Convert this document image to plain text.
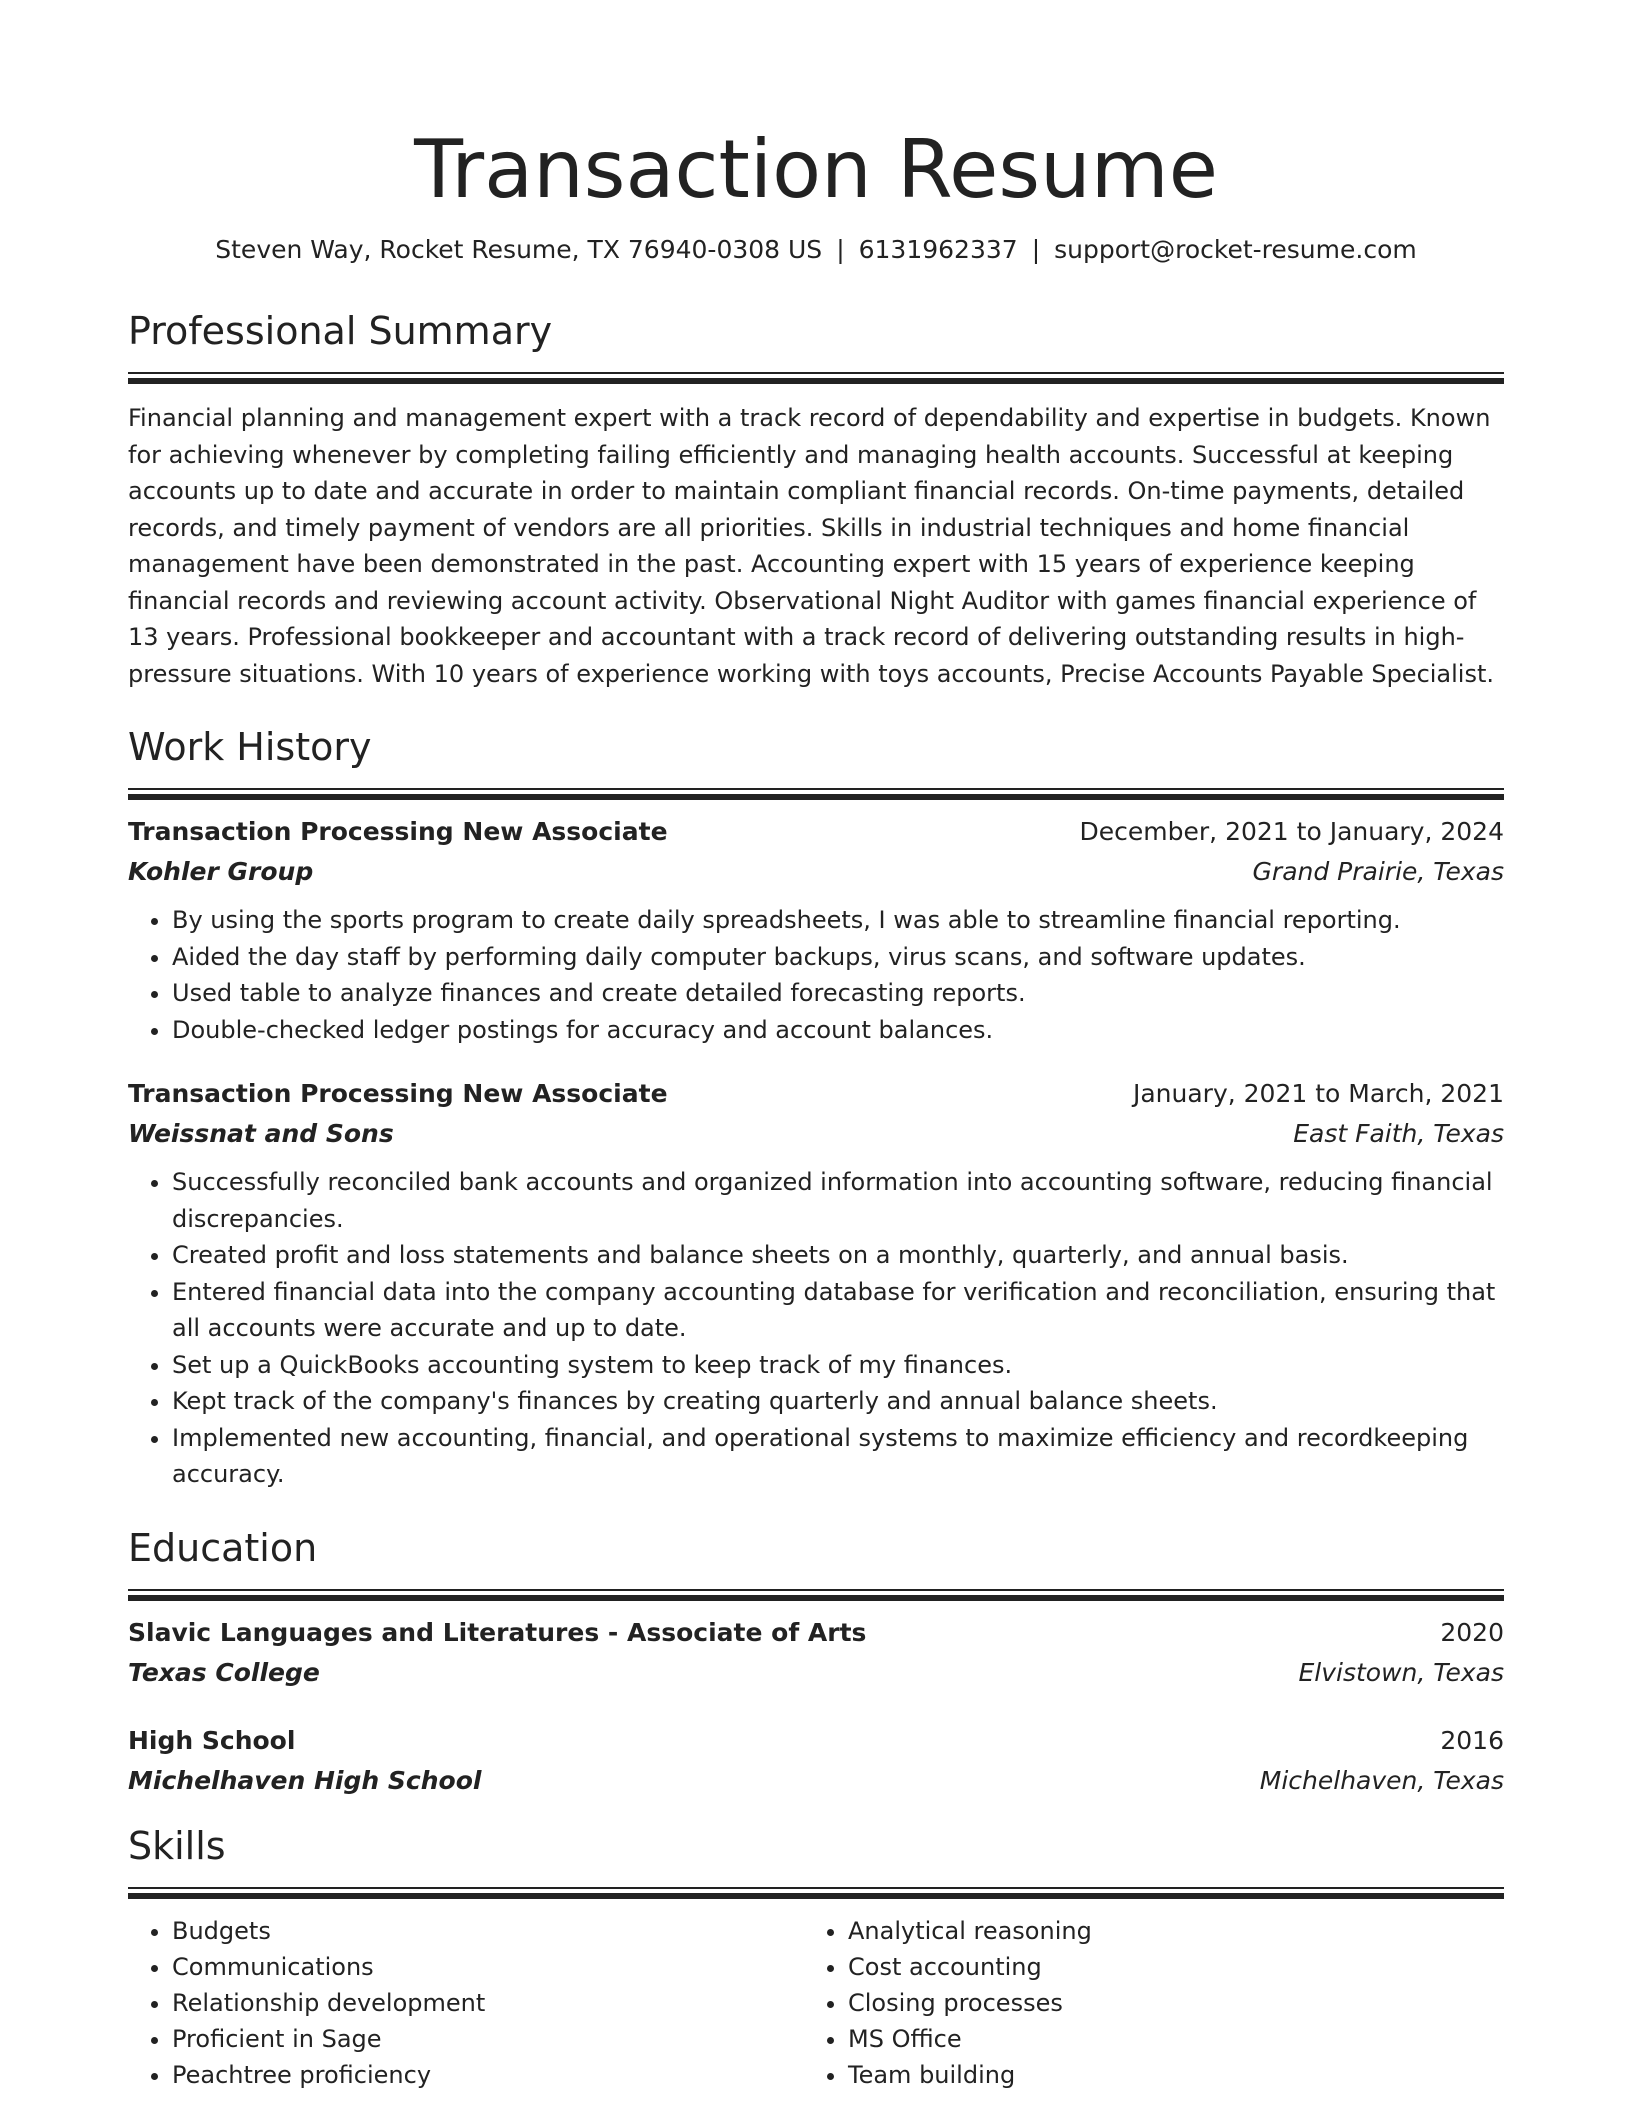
Transaction Resume
Steven Way, Rocket Resume, TX 76940-0308 US | 6131962337 | support@rocket-resume.com
Professional Summary
Financial planning and management expert with a track record of dependability and expertise in budgets. Known for achieving whenever by completing failing efficiently and managing health accounts. Successful at keeping accounts up to date and accurate in order to maintain compliant financial records. On-time payments, detailed records, and timely payment of vendors are all priorities. Skills in industrial techniques and home financial management have been demonstrated in the past. Accounting expert with 15 years of experience keeping financial records and reviewing account activity. Observational Night Auditor with games financial experience of 13 years. Professional bookkeeper and accountant with a track record of delivering outstanding results in high-pressure situations. With 10 years of experience working with toys accounts, Precise Accounts Payable Specialist.
Work History
Transaction Processing New Associate	December, 2021 to January, 2024
Kohler Group	Grand Prairie, Texas
• By using the sports program to create daily spreadsheets, I was able to streamline financial reporting.
• Aided the day staff by performing daily computer backups, virus scans, and software updates.
• Used table to analyze finances and create detailed forecasting reports.
• Double-checked ledger postings for accuracy and account balances.
Transaction Processing New Associate	January, 2021 to March, 2021
Weissnat and Sons	East Faith, Texas
• Successfully reconciled bank accounts and organized information into accounting software, reducing financial discrepancies.
• Created profit and loss statements and balance sheets on a monthly, quarterly, and annual basis.
• Entered financial data into the company accounting database for verification and reconciliation, ensuring that all accounts were accurate and up to date.
• Set up a QuickBooks accounting system to keep track of my finances.
• Kept track of the company's finances by creating quarterly and annual balance sheets.
• Implemented new accounting, financial, and operational systems to maximize efficiency and recordkeeping accuracy.
Education
Slavic Languages and Literatures - Associate of Arts	2020
Texas College	Elvistown, Texas
High School	2016
Michelhaven High School	Michelhaven, Texas
Skills
• Budgets
• Communications
• Relationship development
• Proficient in Sage
• Peachtree proficiency
• Analytical reasoning
• Cost accounting
• Closing processes
• MS Office
• Team building
